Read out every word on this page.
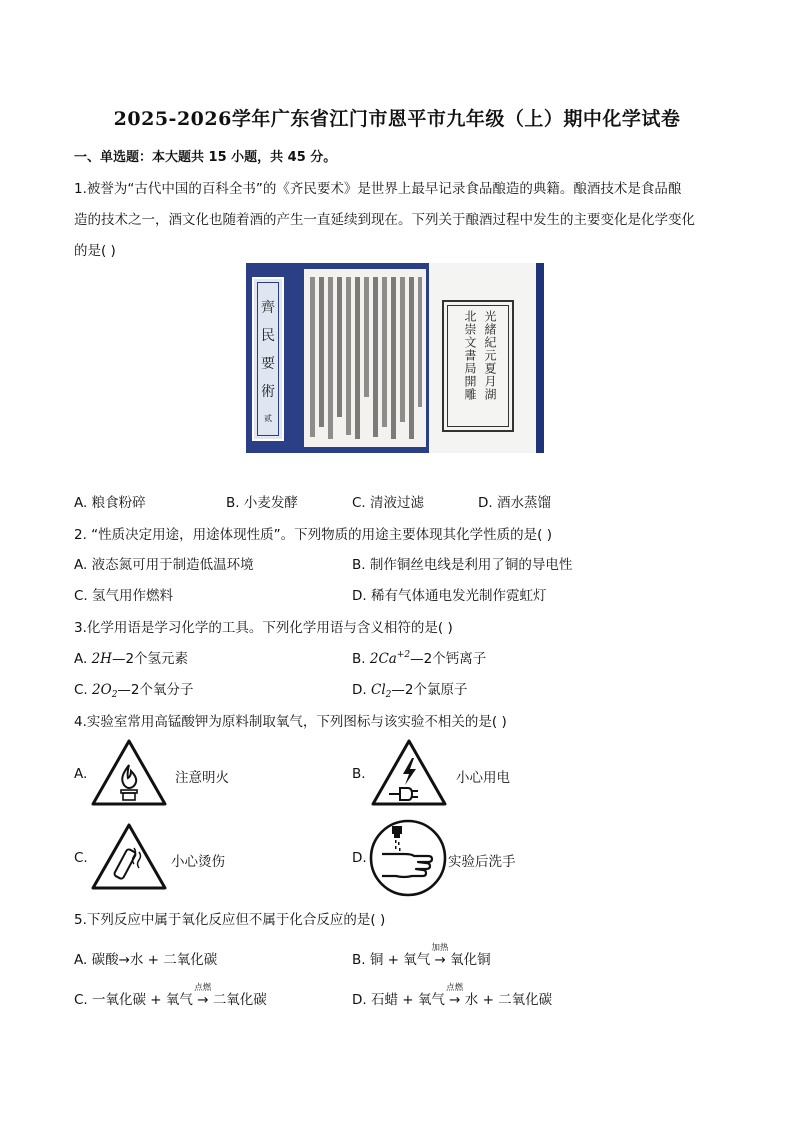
2025-2026学年广东省江门市恩平市九年级（上）期中化学试卷
一、单选题：本大题共 15 小题，共 45 分。
1.被誉为“古代中国的百科全书”的《齐民要术》是世界上最早记录食品酿造的典籍。酿酒技术是食品酿
造的技术之一，酒文化也随着酒的产生一直延续到现在。下列关于酿酒过程中发生的主要变化是化学变化
的是( )
齊
民
要
術
贰
光緒紀元夏月湖
北崇文書局開雕
A. 粮食粉碎	B. 小麦发酵	C. 清液过滤	D. 酒水蒸馏
2. “性质决定用途，用途体现性质”。下列物质的用途主要体现其化学性质的是( )
A. 液态氮可用于制造低温环境	B. 制作铜丝电线是利用了铜的导电性
C. 氢气用作燃料	D. 稀有气体通电发光制作霓虹灯
3.化学用语是学习化学的工具。下列化学用语与含义相符的是( )
A. 2H—2个氢元素	B. $2Ca^{+2}—2$个钙离子
C. $2O_2—2$个氧分子	D. $Cl_2—2$个氯原子
4.实验室常用高锰酸钾为原料制取氧气，下列图标与该实验不相关的是( )
A.	注意明火	B.	小心用电
C.	小心烫伤	D.	实验后洗手
5.下列反应中属于氧化反应但不属于化合反应的是( )
A. 碳酸→水 + 二氧化碳	B. 铜 + 氧气
加热
→ 氧化铜
C. 一氧化碳 + 氧气
点燃
→ 二氧化碳	D. 石蜡 + 氧气
点燃
→ 水 + 二氧化碳
